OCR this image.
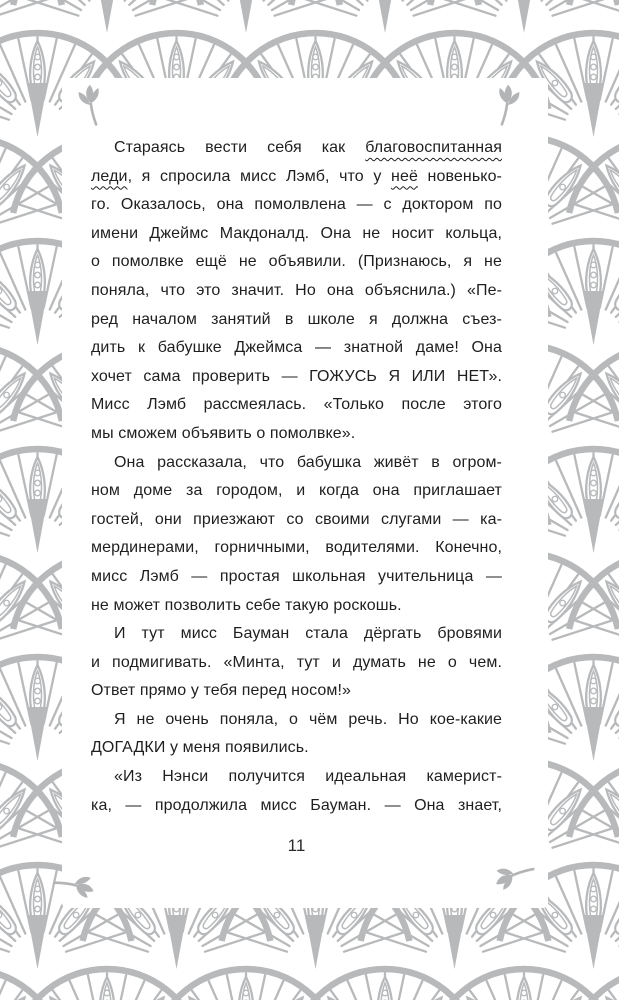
Стараясь вести себя как благовоспитанная
леди, я спросила мисс Лэмб, что у неё новенько-
го. Оказалось, она помолвлена — с доктором по
имени Джеймс Макдоналд. Она не носит кольца,
о помолвке ещё не объявили. (Признаюсь, я не
поняла, что это значит. Но она объяснила.) «Пе-
ред началом занятий в школе я должна съез-
дить к бабушке Джеймса — знатной даме! Она
хочет сама проверить — ГОЖУСЬ Я ИЛИ НЕТ».
Мисс Лэмб рассмеялась. «Только после этого
мы сможем объявить о помолвке».
Она рассказала, что бабушка живёт в огром-
ном доме за городом, и когда она приглашает
гостей, они приезжают со своими слугами — ка-
мердинерами, горничными, водителями. Конечно,
мисс Лэмб — простая школьная учительница —
не может позволить себе такую роскошь.
И тут мисс Бауман стала дёргать бровями
и подмигивать. «Минта, тут и думать не о чем.
Ответ прямо у тебя перед носом!»
Я не очень поняла, о чём речь. Но кое-какие
ДОГАДКИ у меня появились.
«Из Нэнси получится идеальная камерист-
ка, — продолжила мисс Бауман. — Она знает,
11
